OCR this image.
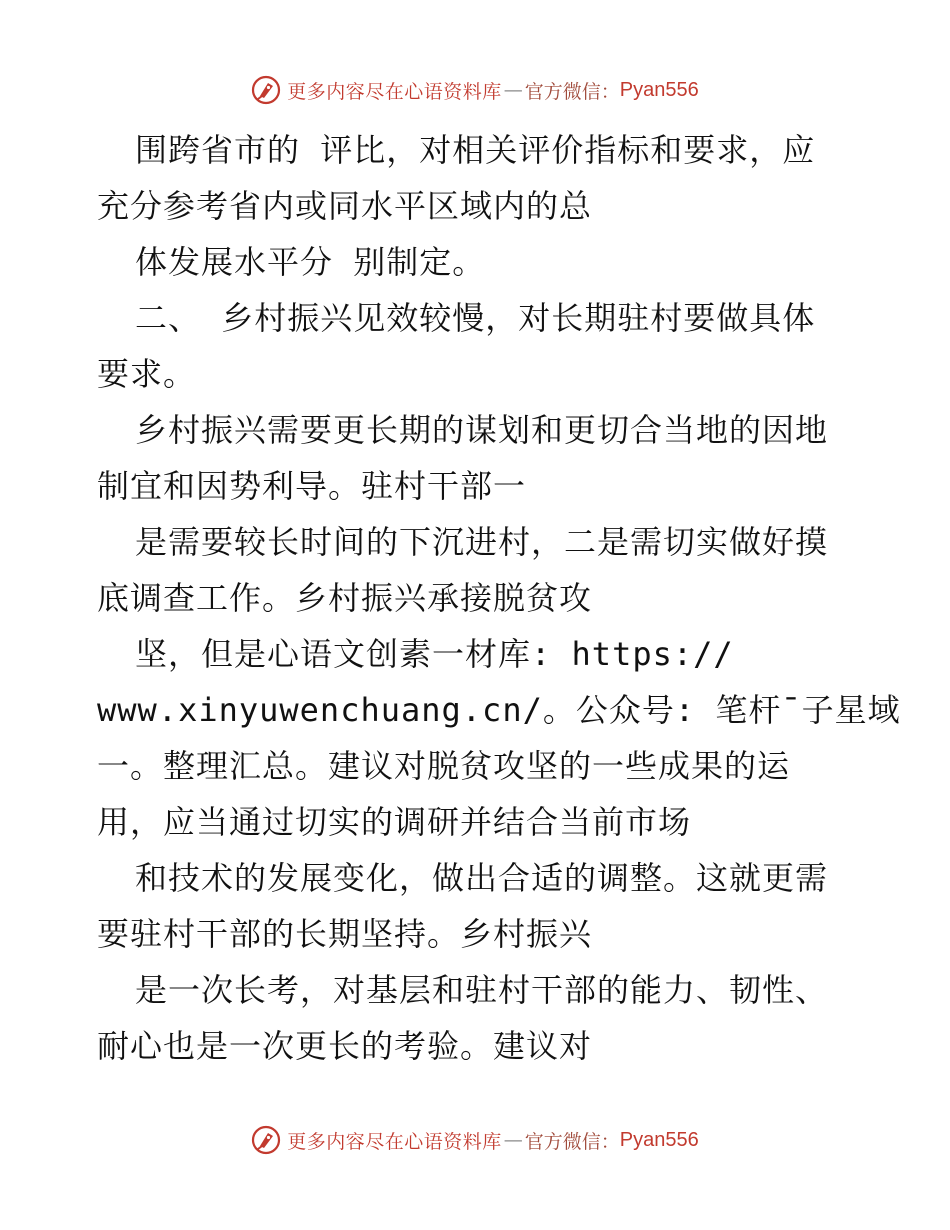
更多内容尽在心语资料库 — 官方微信： Pyan556
围跨省市的 评比，对相关评价指标和要求，应
充分参考省内或同水平区域内的总
体发展水平分 别制定。
二、 乡村振兴见效较慢，对长期驻村要做具体
要求。
乡村振兴需要更长期的谋划和更切合当地的因地
制宜和因势利导。驻村干部一
是需要较长时间的下沉进村，二是需切实做好摸
底调查工作。乡村振兴承接脱贫攻
坚，但是心语文创素一材库: https://
www.xinyuwenchuang.cn/。公众号: 笔杆¯子星域
一。整理汇总。建议对脱贫攻坚的一些成果的运
用，应当通过切实的调研并结合当前市场
和技术的发展变化，做出合适的调整。这就更需
要驻村干部的长期坚持。乡村振兴
是一次长考，对基层和驻村干部的能力、韧性、
耐心也是一次更长的考验。建议对
更多内容尽在心语资料库 — 官方微信： Pyan556
